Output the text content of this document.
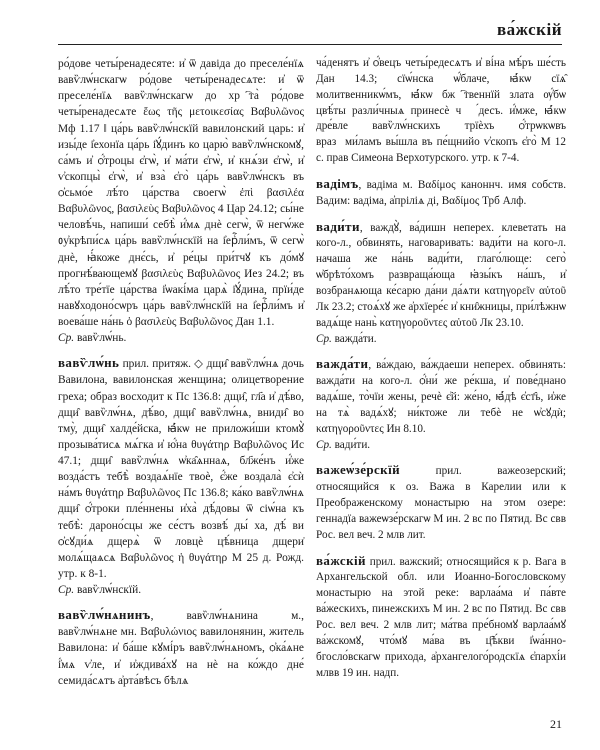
ва́жскій

ро́дове четы́ренадесяте: и҆ ѿ давіда до преселе́нїѧ вавѷлѡ́нскагѡ ро́дове четы́ренадесѧте: и҆ ѿ преселе́нїѧ вавѷлѡ́нскагѡ до хрⷭ҇та̀ ро́дове четы́ренадесѧте ἕως τῆς μετοικεσίας Βαβυλῶνος Мф 1.17 ‖ ца́рь вавѷлѡ́нскїй вавилонский царь: и҆ изы́де і҆ехонїа ца́рь і҆ꙋ́динъ ко царю̀ вавѷлѡ́нскомꙋ, са́мъ и҆ ѻ҆́троцы є҆гѡ̀, и҆ ма́ти є҆гѡ̀, и҆ кнѧ́зи є҆гѡ̀, и҆ ѵ҆скопцы̀ є҆гѡ̀, и҆ вза̀ є҆го̀ ца́рь вавѷлѡ́нскъ въ ѻ҆сьмо́е лѣ́то ца́рства своегѡ̀ ἐπὶ βασιλέα Βαβυλῶνος, βασιλεὺς Βαβυλῶνος 4 Цар 24.12; сы́не человѣ́чь, напиши́ себѣ̀ и҆́мѧ днѐ сегѡ̀, ѿ негѡ́же ᲂу҆крѣпи́сѧ ца́рь вавѷлѡ́нскїй на і҆ерⷭ҇ли́мъ, ѿ сегѡ̀ днѐ, ꙗ҆́коже днє́сь, и҆ ре́цы при́тчꙋ къ до́мꙋ прогнѣ́вающемꙋ βασιλεὺς Βαβυλῶνος Иез 24.2; въ лѣ́то тре́тїе ца́рства і҆ѡакі́ма царѧ̀ і҆ꙋ́дина, прїи́де навꙋходоно́сѡръ ца́рь вавѷлѡ́нскїй на і҆ерⷭ҇ли́мъ и҆ воева́ше на́нь ὁ βασιλεὺς Βαβυλῶνος Дан 1.1.

Ср. вавѷлѡ́нь.

вавѷлѡ́нь прил. притяж. ◇ дщи̑ вавѷлѡ́нѧ дочь Вавилона, вавилонская женщина; олицетворение греха; образ восходит к Пс 136.8: дщи̑, гл҃а и҆ дѣ́во, дщи̑ вавѷлѡ́нѧ, дѣ́во, дщи̑ вавѷлѡ́нѧ, вниди̑ во тму̀, дщи̑ халде́йска, ꙗ҆́кѡ не приложи́ши ктомꙋ̀ прозыва́тисѧ мѧ́гка и҆ ю҆́на θυγάτηρ Βαβυλῶνος Ис 47.1; дщи̑ вавѷлѡ́нѧ ѡ҆ка̑ѧннаѧ, бл҃же́нъ и҆́же возда́стъ тебѣ̀ воздаѧ́нїе твоѐ, є҆́же воздала̀ є҆сѝ на́мъ θυγάτηρ Βαβυλῶνος Пс 136.8; ка́ко вавѷлѡ́нѧ дщи̑ ѻ҆́троки пле́ннены и҆ха̀ дѣ́довы ѿ сіѡ́на къ тебѣ̀: дароно́сцы же се́стъ возвѣ́ ды́ ха, дѣ́ ви ѻ҆сꙋди́ѧ дщерѧ̀ ѿ ловцѐ цѣ́вница дщери̇ молѧ́щаѧсѧ Βαβυλῶνος ἡ θυγάτηρ М 25 д. Рожд. утр. к 8-1.

Ср. вавѷлѡ́нскїй.

вавѷлѡ́нѧнинъ, вавѷлѡ́нѧнина м., вавѷлѡ́нѧне мн. Βαβυλώνιος вавилонянин, житель Вавилона: и҆ ба́ше кꙋмі́ръ вавѷлѡ́нѧномъ, ѻ҆ка́ѧне і҆́мѧ ѵ҆ле, и҆ и҆ждива́хꙋ на нѐ на ко́ждо дне́ семида́сѧтъ а҆рта́вѣсъ бѣлѧ

ча́денятъ и҆ ѻ҆́вецъ четы́редесѧтъ и҆ ві́на мѣ́ръ ше́сть Дан 14.3; сїѡ́нска ѡ҆́блаче, ꙗ҆́кѡ сїѧ̑ молитвенникѡ́мъ, ꙗ҆́кѡ бжⷭ҇твеннїй злата ѹ҆́бѡ цвѣ́ты разли́чныѧ принесѐ ч꙽ꙋ́десъ. и҆́мже, ꙗ҆́кѡ дре́вле вавѷлѡ́нскихъ трїѐхъ ѻ҆́трѡкѡвъ вразꙋми́ламъ вы́шла въ пе́щнийо ѵ҆скопъ є҆го̀ М 12 с. прав Симеона Верхотурского. утр. к 7-4.

вадімъ, вадіма м. Βαδίμος каноннч. имя собств. Вадим: вадіма, а҆пріліѧ ді, Βαδίμος Трб Алф.

вади́ти, важдꙋ̀, ва́дишн неперех. клеветать на кого-л., обвинять, наговаривать: вади́ти на кого-л. начаша же на́нь вади́ти, глаго́люще: сего̀ ѡ҆брѣто́хомъ развраща́юща ꙗ҆зы́къ на́шъ, и҆ возбранѧюща ке́сарю да́ни да́ѧти κατηγορεῖν αὐτοῦ Лк 23.2; стоѧ́хꙋ же а҆рхїере́є и҆ кни̑жницы, при́лѣжнѡ вадѧ́ще нань̀ κατηγοροῦντες αὐτοῦ Лк 23.10.

Ср. важда́ти.

важда́ти, ва́ждаю, ва́ждаеши неперех. обвинять: важда́ти на кого-л. ѻ҆́ни́ же ре́кша, и҆ пове́днано вадѧ́ше, то̀чїи жены, речѐ є҆й: же́но, ꙗ҆́дѣ є҆ст҄ь, и҆же на тѧ̀ вадѧ́хꙋ; ни́ктоже ли тебѐ не ѡ҆сꙋдѝ; κατηγοροῦντες Ин 8.10.

Ср. вади́ти.

важеѡ́зе́рскїй прил. важеозерский; относящийся к оз. Важа в Карелии или к Преображенскому монастырю на этом озере: геннадїа важеѡзе́рскагѡ М ин. 2 вс по Пятид. Вс свв Рос. вел веч. 2 млв лит.

ва́жскій прил. важский; относящийся к р. Вага в Архангельской обл. или Иоанно-Богословскому монастырю на этой реке: варлаа́ма и҆ па́вте ва́жескихъ, пинежскихъ М ин. 2 вс по Пятид. Вс свв Рос. вел веч. 2 млв лит; ма́тва пре́бномꙋ варлаа́мꙋ ва́жскомꙋ, что́мꙋ ма́ва въ ц҃ѣ́кви і҆ѡа́нно-бгосло́вскагѡ прихода, а҆рхангелого́родскїѧ є҆пархі́и млвв 19 ин. надп.

21
